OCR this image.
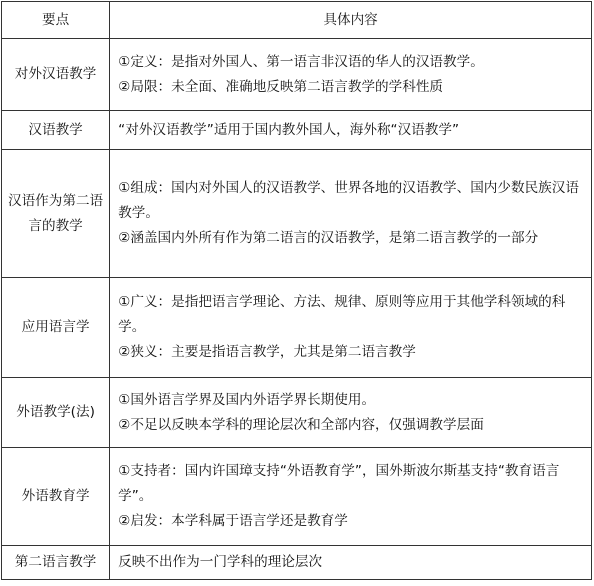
要点	具体内容
对外汉语教学	①定义：是指对外国人、第一语言非汉语的华人的汉语教学。
②局限：未全面、准确地反映第二语言教学的学科性质

汉语教学	“对外汉语教学”适用于国内教外国人，海外称“汉语教学”

汉语作为第二语言的教学	①组成：国内对外国人的汉语教学、世界各地的汉语教学、国内少数民族汉语教学。
②涵盖国内外所有作为第二语言的汉语教学，是第二语言教学的一部分

应用语言学	①广义：是指把语言学理论、方法、规律、原则等应用于其他学科领域的科学。
②狭义：主要是指语言教学，尤其是第二语言教学

外语教学(法)	①国外语言学界及国内外语学界长期使用。
②不足以反映本学科的理论层次和全部内容，仅强调教学层面

外语教育学	①支持者：国内许国璋支持“外语教育学”，国外斯波尔斯基支持“教育语言学”。
②启发：本学科属于语言学还是教育学

第二语言教学	反映不出作为一门学科的理论层次
